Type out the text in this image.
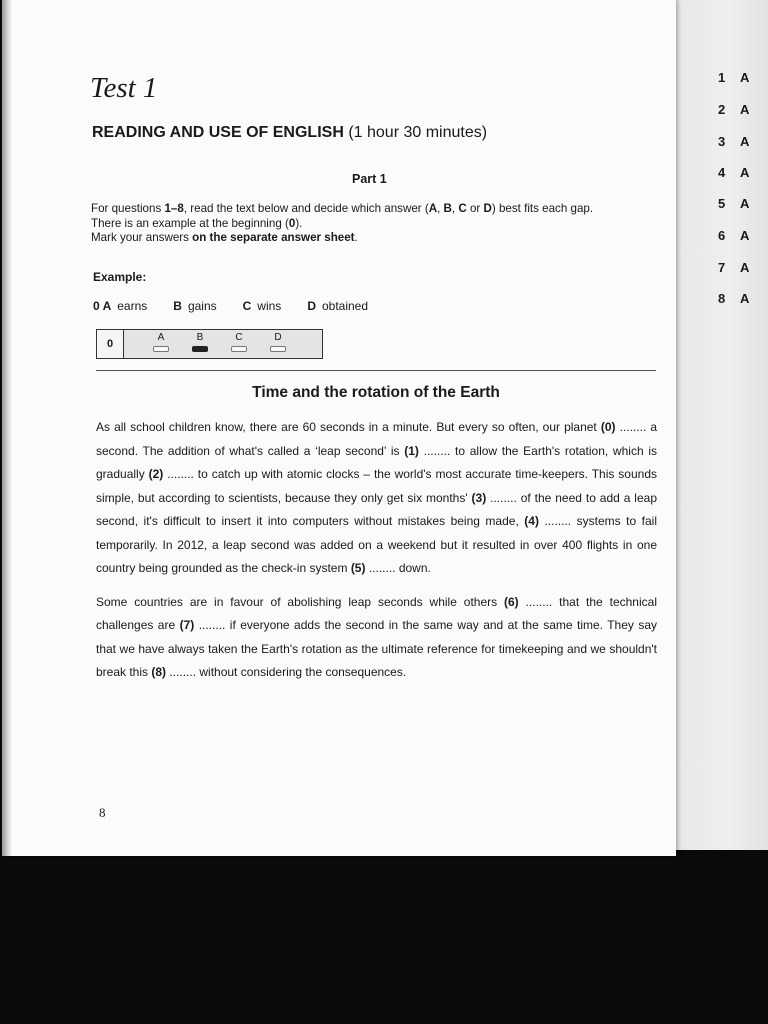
Test 1
READING AND USE OF ENGLISH (1 hour 30 minutes)
Part 1

For questions 1–8, read the text below and decide which answer (A, B, C or D) best fits each gap.

There is an example at the beginning (0).

Mark your answers on the separate answer sheet.

Example:
0 A earns B gains C wins D obtained
0
A	B	C	D
Time and the rotation of the Earth

As all school children know, there are 60 seconds in a minute. But every so often, our planet (0) ........ a second. The addition of what's called a ‘leap second’ is (1) ........ to allow the Earth's rotation, which is gradually (2) ........ to catch up with atomic clocks – the world's most accurate time-keepers. This sounds simple, but according to scientists, because they only get six months' (3) ........ of the need to add a leap second, it's difficult to insert it into computers without mistakes being made, (4) ........ systems to fail temporarily. In 2012, a leap second was added on a weekend but it resulted in over 400 flights in one country being grounded as the check-in system (5) ........ down.

Some countries are in favour of abolishing leap seconds while others (6) ........ that the technical challenges are (7) ........ if everyone adds the second in the same way and at the same time. They say that we have always taken the Earth's rotation as the ultimate reference for timekeeping and we shouldn't break this (8) ........ without considering the consequences.

8
1 A
2 A
3 A
4 A
5 A
6 A
7 A
8 A
